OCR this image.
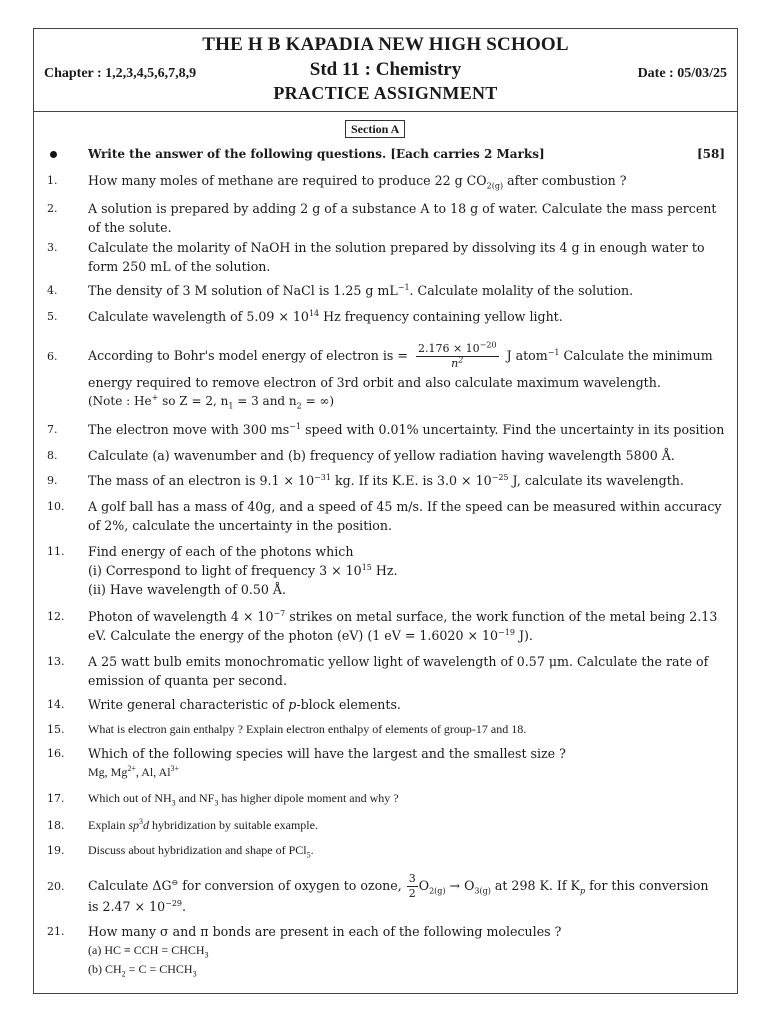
THE H B KAPADIA NEW HIGH SCHOOL
Std 11 : Chemistry
PRACTICE ASSIGNMENT
Chapter : 1,2,3,4,5,6,7,8,9	Date : 05/03/25
Section A
Write the answer of the following questions. [Each carries 2 Marks]	[58]
1.	How many moles of methane are required to produce 22 g $CO_{2(g)}$ after combustion ?
2.	A solution is prepared by adding 2 g of a substance A to 18 g of water. Calculate the mass percent of the solute.
3.	Calculate the molarity of NaOH in the solution prepared by dissolving its 4 g in enough water to form 250 mL of the solution.
4.	The density of 3 M solution of NaCl is 1.25 g $mL^{-1}$. Calculate molality of the solution.
5.	Calculate wavelength of $5.09 \times 10^{14}$ Hz frequency containing yellow light.
6.	According to Bohr's model energy of electron is = $\frac{2.176 \times 10^{-20}}{n^2}$ J atom$^{-1}$ Calculate the minimum
energy required to remove electron of 3rd orbit and also calculate maximum wavelength.
(Note : He+ so Z = 2, $n_1 = 3$ and $n_2$ = ∞)
7.	The electron move with 300 $ms^{-1}$ speed with 0.01% uncertainty. Find the uncertainty in its position
8.	Calculate (a) wavenumber and (b) frequency of yellow radiation having wavelength 5800 Å.
9.	The mass of an electron is $9.1 \times 10^{-31}$ kg. If its K.E. is $3.0 \times 10^{-25}$ J, calculate its wavelength.
10.	A golf ball has a mass of 40g, and a speed of 45 m/s. If the speed can be measured within accuracy of 2%, calculate the uncertainty in the position.
11.	Find energy of each of the photons which
(i) Correspond to light of frequency $3 \times 10^{15}$ Hz.
(ii) Have wavelength of 0.50 Å.
12.	Photon of wavelength $4 \times 10^{-7}$ strikes on metal surface, the work function of the metal being 2.13
eV. Calculate the energy of the photon (eV) (1 eV = $1.6020 \times 10^{-19}$ J).
13.	A 25 watt bulb emits monochromatic yellow light of wavelength of 0.57 μm. Calculate the rate of emission of quanta per second.
14.	Write general characteristic of p-block elements.
15.	What is electron gain enthalpy ? Explain electron enthalpy of elements of group-17 and 18.
16.	Which of the following species will have the largest and the smallest size ?
Mg, $Mg^{2+}$, Al, $Al^{3+}$
17.	Which out of $NH_3$ and $NF_3$ has higher dipole moment and why ?
18.	Explain $sp^3d$ hybridization by suitable example.
19.	Discuss about hybridization and shape of PCl$_5$.
20.	Calculate ΔG⊖ for conversion of oxygen to ozone, $\frac{3}{2} O_{2(g)} \to O_{3(g)}$ at 298 K. If $K_p$ for this conversion
is $2.47 \times 10^{-29}$.
21.	How many σ and π bonds are present in each of the following molecules ?
(a) HC ≡ CCH = $CHCH_3$
(b) $CH_2 = C$ = $CHCH_3$
